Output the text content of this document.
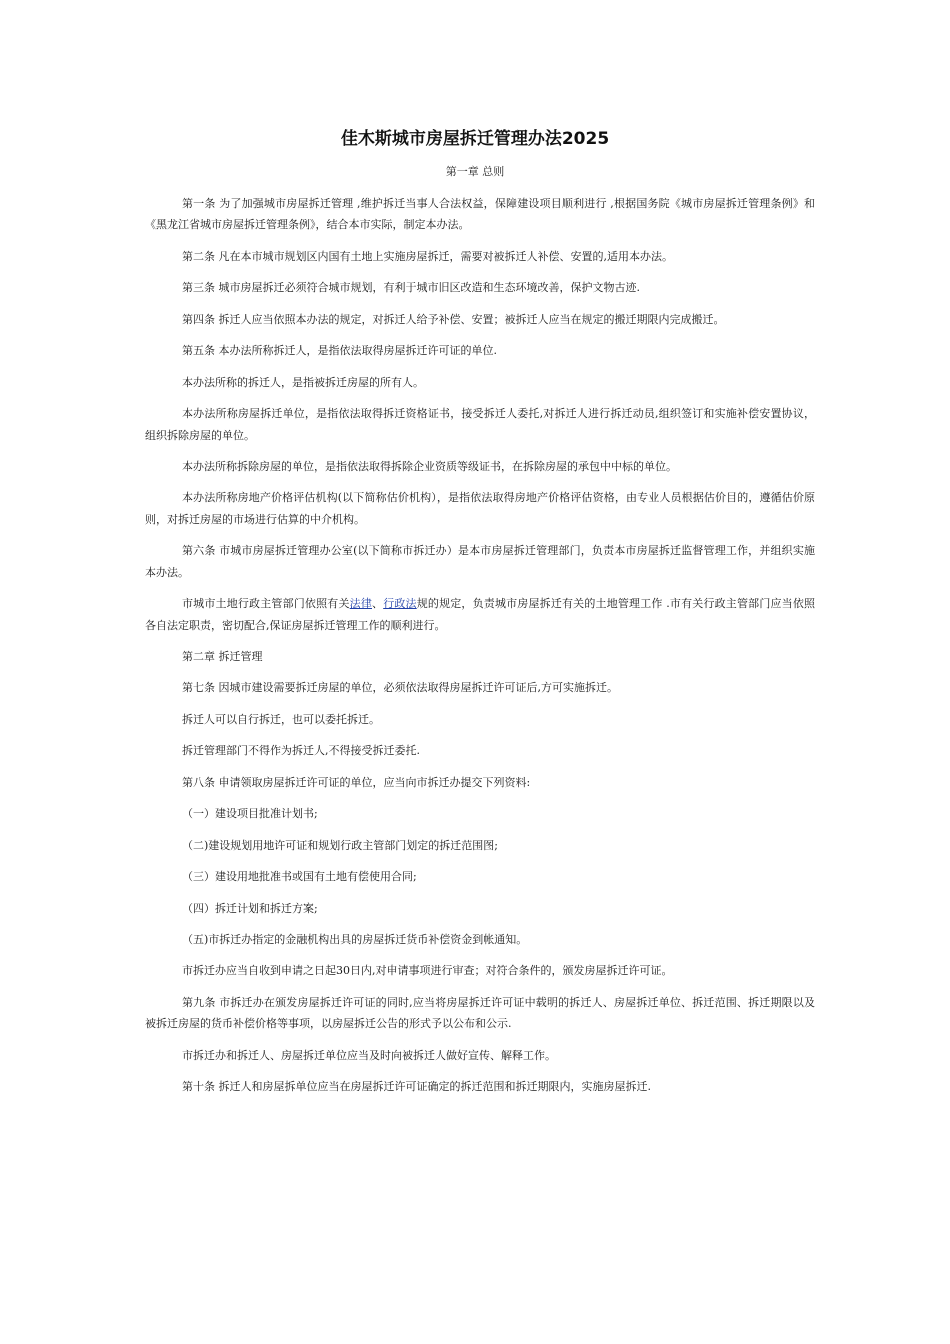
佳木斯城市房屋拆迁管理办法2025
第一章 总则

第一条 为了加强城市房屋拆迁管理 ,维护拆迁当事人合法权益，保障建设项目顺利进行 ,根据国务院《城市房屋拆迁管理条例》和《黑龙江省城市房屋拆迁管理条例》，结合本市实际，制定本办法。

第二条 凡在本市城市规划区内国有土地上实施房屋拆迁，需要对被拆迁人补偿、安置的,适用本办法。

第三条 城市房屋拆迁必须符合城市规划，有利于城市旧区改造和生态环境改善，保护文物古迹.

第四条 拆迁人应当依照本办法的规定，对拆迁人给予补偿、安置；被拆迁人应当在规定的搬迁期限内完成搬迁。

第五条 本办法所称拆迁人，是指依法取得房屋拆迁许可证的单位.

本办法所称的拆迁人，是指被拆迁房屋的所有人。

本办法所称房屋拆迁单位，是指依法取得拆迁资格证书，接受拆迁人委托,对拆迁人进行拆迁动员,组织签订和实施补偿安置协议，组织拆除房屋的单位。

本办法所称拆除房屋的单位，是指依法取得拆除企业资质等级证书，在拆除房屋的承包中中标的单位。

本办法所称房地产价格评估机构(以下简称估价机构），是指依法取得房地产价格评估资格，由专业人员根据估价目的，遵循估价原则，对拆迁房屋的市场进行估算的中介机构。

第六条 市城市房屋拆迁管理办公室(以下简称市拆迁办）是本市房屋拆迁管理部门，负责本市房屋拆迁监督管理工作，并组织实施本办法。

市城市土地行政主管部门依照有关法律、行政法规的规定，负责城市房屋拆迁有关的土地管理工作 .市有关行政主管部门应当依照各自法定职责，密切配合,保证房屋拆迁管理工作的顺利进行。

第二章 拆迁管理

第七条 因城市建设需要拆迁房屋的单位，必须依法取得房屋拆迁许可证后,方可实施拆迁。

拆迁人可以自行拆迁，也可以委托拆迁。

拆迁管理部门不得作为拆迁人,不得接受拆迁委托.

第八条 申请领取房屋拆迁许可证的单位，应当向市拆迁办提交下列资料:

（一）建设项目批准计划书;

（二)建设规划用地许可证和规划行政主管部门划定的拆迁范围图;

（三）建设用地批准书或国有土地有偿使用合同;

（四）拆迁计划和拆迁方案;

（五)市拆迁办指定的金融机构出具的房屋拆迁货币补偿资金到帐通知。

市拆迁办应当自收到申请之日起30日内,对申请事项进行审查；对符合条件的，颁发房屋拆迁许可证。

第九条 市拆迁办在颁发房屋拆迁许可证的同时,应当将房屋拆迁许可证中载明的拆迁人、房屋拆迁单位、拆迁范围、拆迁期限以及被拆迁房屋的货币补偿价格等事项，以房屋拆迁公告的形式予以公布和公示.

市拆迁办和拆迁人、房屋拆迁单位应当及时向被拆迁人做好宣传、解释工作。

第十条 拆迁人和房屋拆单位应当在房屋拆迁许可证确定的拆迁范围和拆迁期限内，实施房屋拆迁.
